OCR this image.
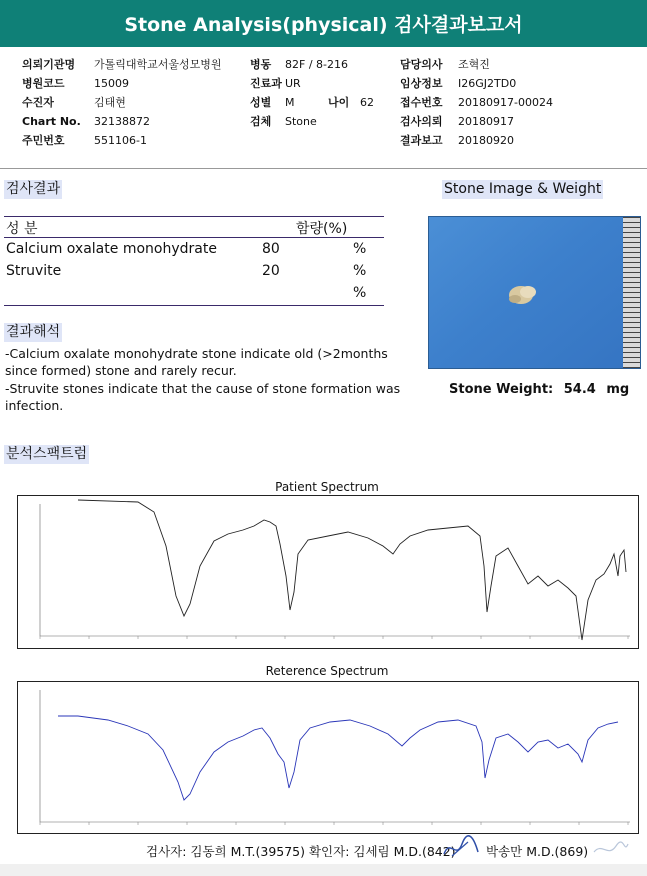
Stone Analysis(physical) 검사결과보고서
의뢰기관명 가톨릭대학교서울성모병원	병동 82F / 8-216	담당의사 조혁진
병원코드	15009	진료과 UR	임상정보 I26GJ2TD0
수진자	김태현	성별 M	나이 62 접수번호 20180917-00024
Chart No. 32138872	검체 Stone	검사의뢰 20180917
주민번호	551106-1	결과보고 20180920
검사결과	Stone Image & Weight
성 분	함량(%)
Calcium oxalate monohydrate	80	%
Struvite	20	%
%
Stone Weight: 54.4 mg
결과해석
-Calcium oxalate monohydrate stone indicate old (>2months since formed) stone and rarely recur.
-Struvite stones indicate that the cause of stone formation was infection.
분석스팩트럼
Patient Spectrum
Reterence Spectrum
검사자: 김동희 M.T.(39575) 확인자: 김세림 M.D.(842) 박송만 M.D.(869)
